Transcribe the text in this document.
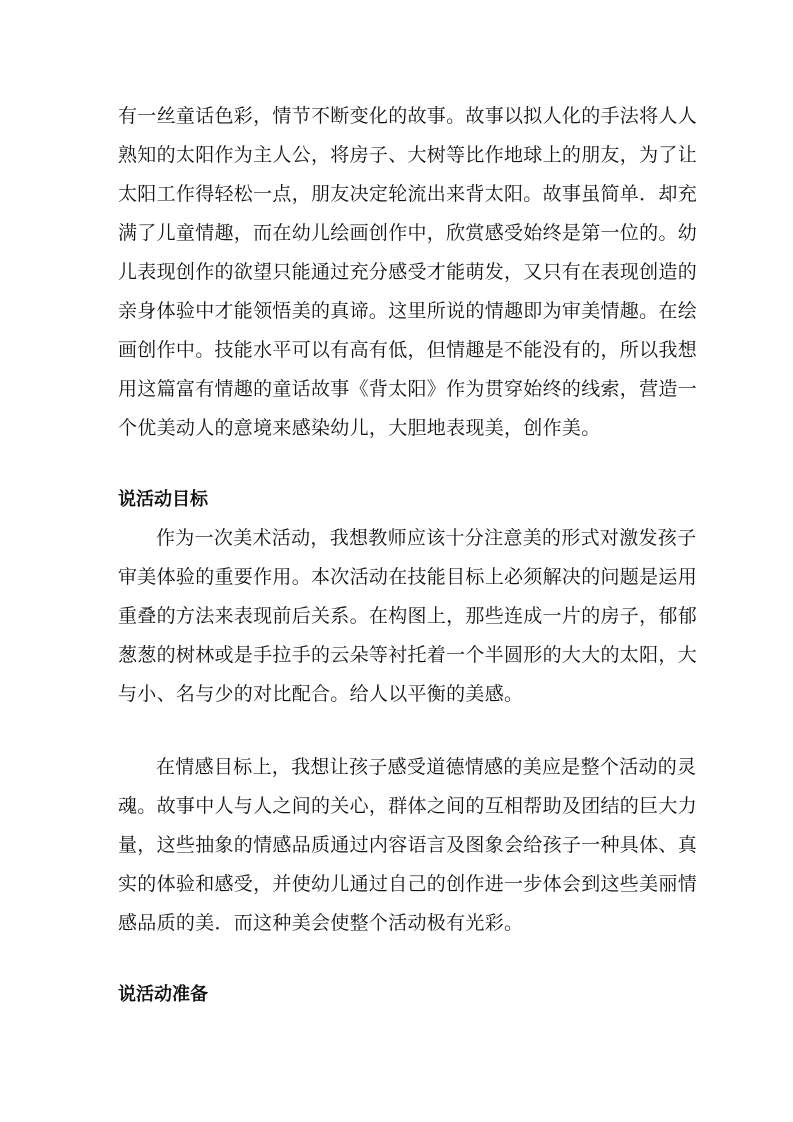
有一丝童话色彩，情节不断变化的故事。故事以拟人化的手法将人人
熟知的太阳作为主人公，将房子、大树等比作地球上的朋友，为了让
太阳工作得轻松一点，朋友决定轮流出来背太阳。故事虽简单．却充
满了儿童情趣，而在幼儿绘画创作中，欣赏感受始终是第一位的。幼
儿表现创作的欲望只能通过充分感受才能萌发，又只有在表现创造的
亲身体验中才能领悟美的真谛。这里所说的情趣即为审美情趣。在绘
画创作中。技能水平可以有高有低，但情趣是不能没有的，所以我想
用这篇富有情趣的童话故事《背太阳》作为贯穿始终的线索，营造一
个优美动人的意境来感染幼儿，大胆地表现美，创作美。
说活动目标
作为一次美术活动，我想教师应该十分注意美的形式对激发孩子
审美体验的重要作用。本次活动在技能目标上必须解决的问题是运用
重叠的方法来表现前后关系。在构图上，那些连成一片的房子，郁郁
葱葱的树林或是手拉手的云朵等衬托着一个半圆形的大大的太阳，大
与小、名与少的对比配合。给人以平衡的美感。
在情感目标上，我想让孩子感受道德情感的美应是整个活动的灵
魂。故事中人与人之间的关心，群体之间的互相帮助及团结的巨大力
量，这些抽象的情感品质通过内容语言及图象会给孩子一种具体、真
实的体验和感受，并使幼儿通过自己的创作进一步体会到这些美丽情
感品质的美．而这种美会使整个活动极有光彩。
说活动准备
